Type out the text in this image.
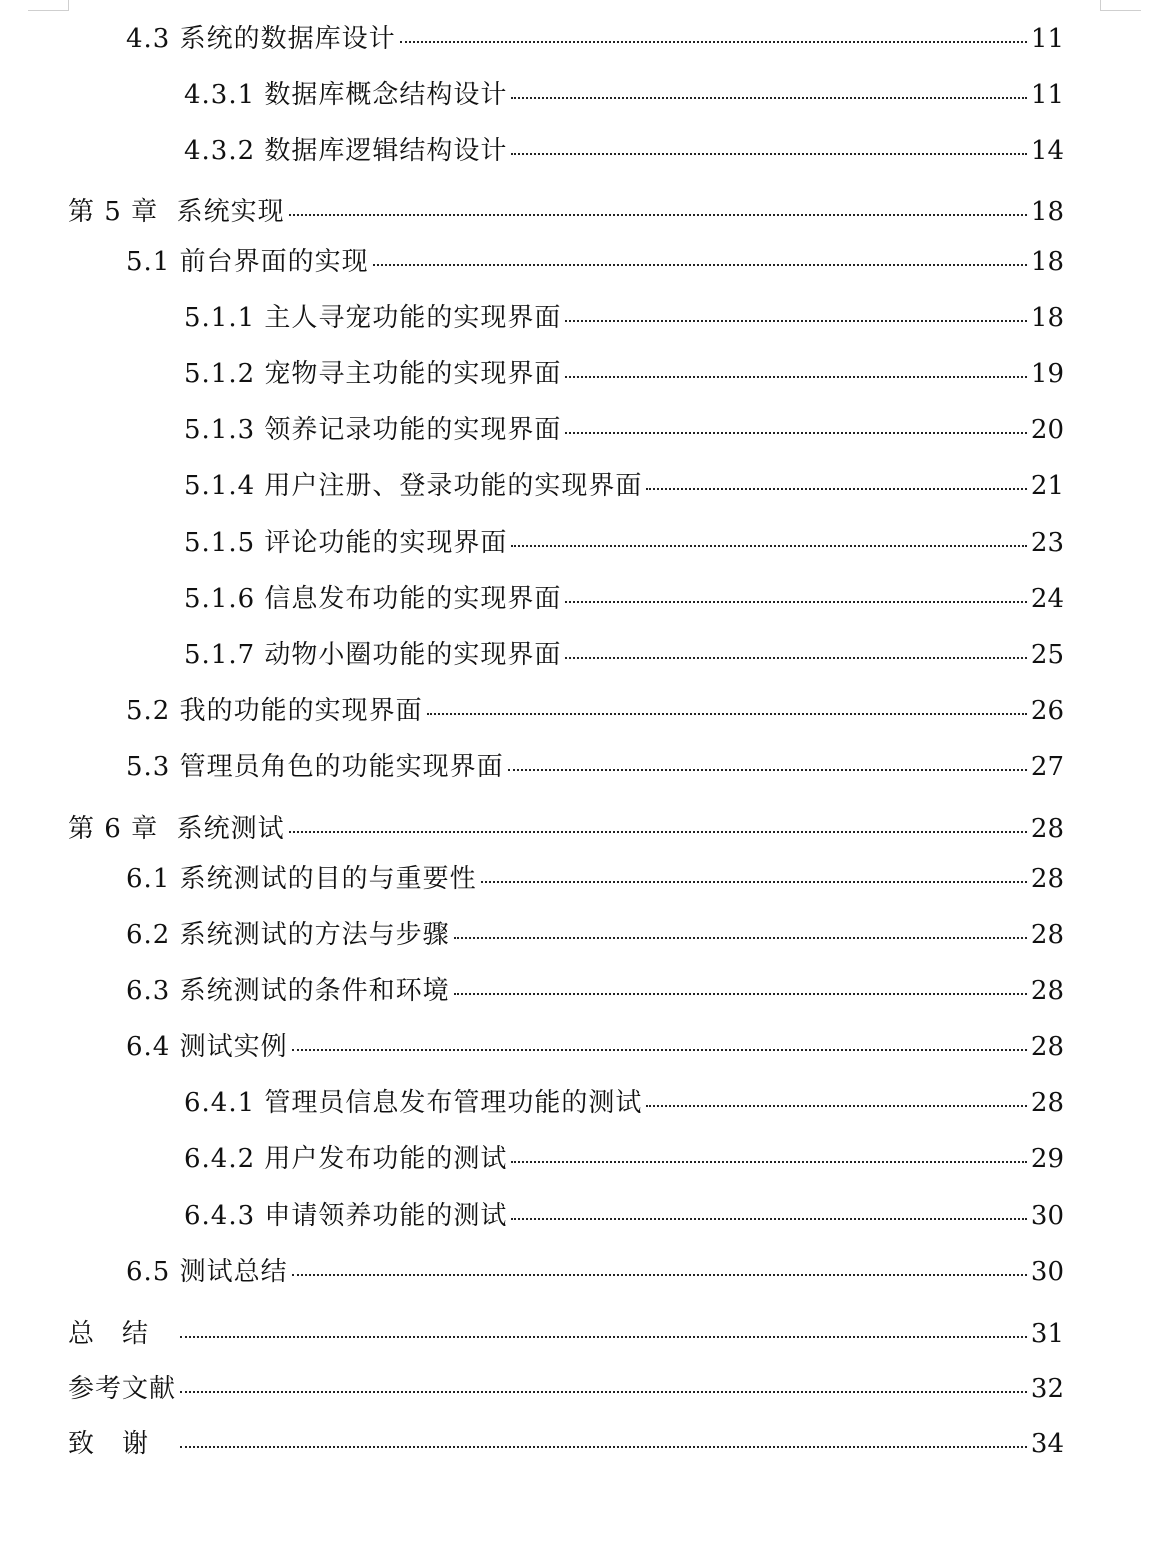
4.3 系统的数据库设计	11
4.3.1 数据库概念结构设计	11
4.3.2 数据库逻辑结构设计	14
第 5 章  系统实现	18
5.1 前台界面的实现	18
5.1.1 主人寻宠功能的实现界面	18
5.1.2 宠物寻主功能的实现界面	19
5.1.3 领养记录功能的实现界面	20
5.1.4 用户注册、登录功能的实现界面	21
5.1.5 评论功能的实现界面	23
5.1.6 信息发布功能的实现界面	24
5.1.7 动物小圈功能的实现界面	25
5.2 我的功能的实现界面	26
5.3 管理员角色的功能实现界面	27
第 6 章  系统测试	28
6.1 系统测试的目的与重要性	28
6.2 系统测试的方法与步骤	28
6.3 系统测试的条件和环境	28
6.4 测试实例	28
6.4.1 管理员信息发布管理功能的测试	28
6.4.2 用户发布功能的测试	29
6.4.3 申请领养功能的测试	30
6.5 测试总结	30
总结	31
参考文献	32
致谢	34
